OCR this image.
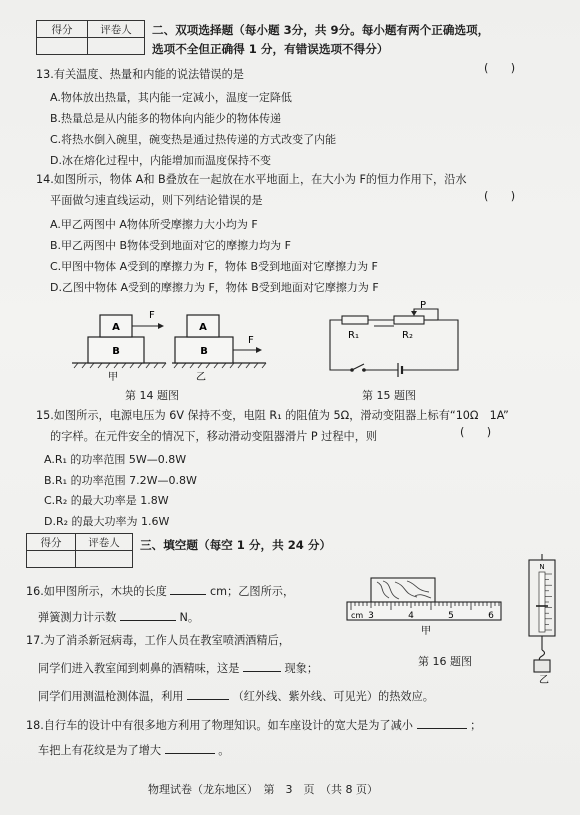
得分	评卷人
	二、双项选择题（每小题 3分，共 9分。每小题有两个正确选项，
选项不全但正确得 1 分，有错误选项不得分）
13.有关温度、热量和内能的说法错误的是	(　　)
A.物体放出热量，其内能一定减小，温度一定降低
B.热量总是从内能多的物体向内能少的物体传递
C.将热水倒入碗里，碗变热是通过热传递的方式改变了内能
D.冰在熔化过程中，内能增加而温度保持不变
14.如图所示，物体 A和 B叠放在一起放在水平地面上，在大小为 F的恒力作用下，沿水
平面做匀速直线运动，则下列结论错误的是	(　　)
A.甲乙两图中 A物体所受摩擦力大小均为 F
B.甲乙两图中 B物体受到地面对它的摩擦力均为 F
C.甲图中物体 A受到的摩擦力为 F，物体 B受到地面对它摩擦力为 F
D.乙图中物体 A受到的摩擦力为 F，物体 B受到地面对它摩擦力为 F
A
B
F
甲
A
B
F
乙
第 14 题图
P
R₁	R₂
第 15 题图
15.如图所示，电源电压为 6V 保持不变，电阻 R₁ 的阻值为 5Ω，滑动变阻器上标有“10Ω　1A”
的字样。在元件安全的情况下，移动滑动变阻器滑片 P 过程中，则	(　　)
A.R₁ 的功率范围 5W—0.8W
B.R₁ 的功率范围 7.2W—0.8W
C.R₂ 的最大功率是 1.8W
D.R₂ 的最大功率为 1.6W
得分	评卷人
	三、填空题（每空 1 分，共 24 分）
16.如甲图所示，木块的长度	cm；乙图所示，
弹簧测力计示数	N。	cm 3	4	5	6
甲
第 16 题图
N
乙
17.为了消杀新冠病毒，工作人员在教室喷洒酒精后，
同学们进入教室闻到刺鼻的酒精味，这是	现象；
同学们用测温枪测体温，利用	（红外线、紫外线、可见光）的热效应。
18.自行车的设计中有很多地方利用了物理知识。如车座设计的宽大是为了减小	；
车把上有花纹是为了增大	。
物理试卷（龙东地区）　第　3　页　（共 8 页）
